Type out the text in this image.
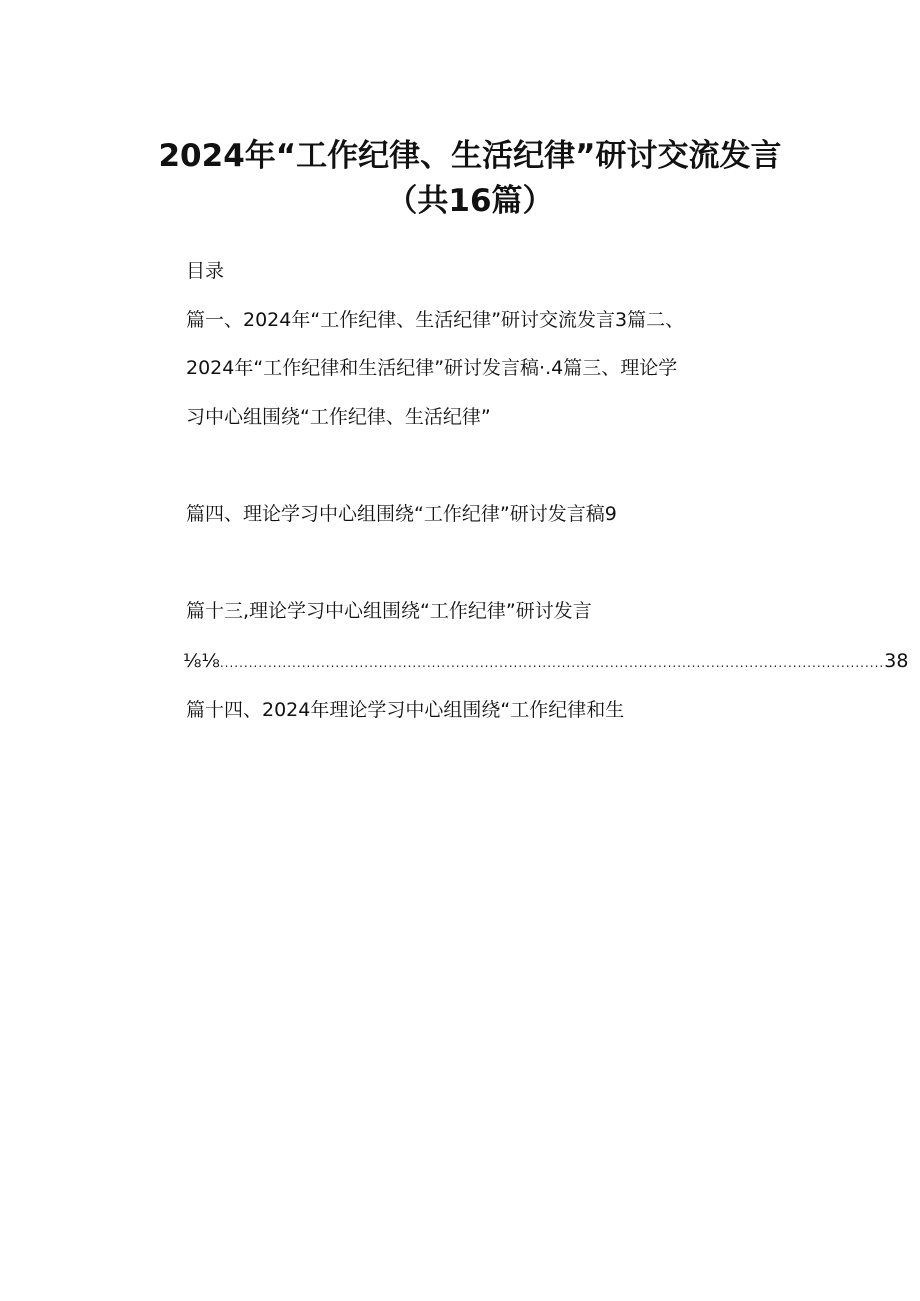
2024年“工作纪律、生活纪律”研讨交流发言
（共16篇）
目录
篇一、2024年“工作纪律、生活纪律”研讨交流发言3篇二、
2024年“工作纪律和生活纪律”研讨发言稿·.4篇三、理论学
习中心组围绕“工作纪律、生活纪律”
篇四、理论学习中心组围绕“工作纪律”研讨发言稿9
篇十三,理论学习中心组围绕“工作纪律”研讨发言
⅛⅛ .......................................................................................................................................... 38
篇十四、2024年理论学习中心组围绕“工作纪律和生
